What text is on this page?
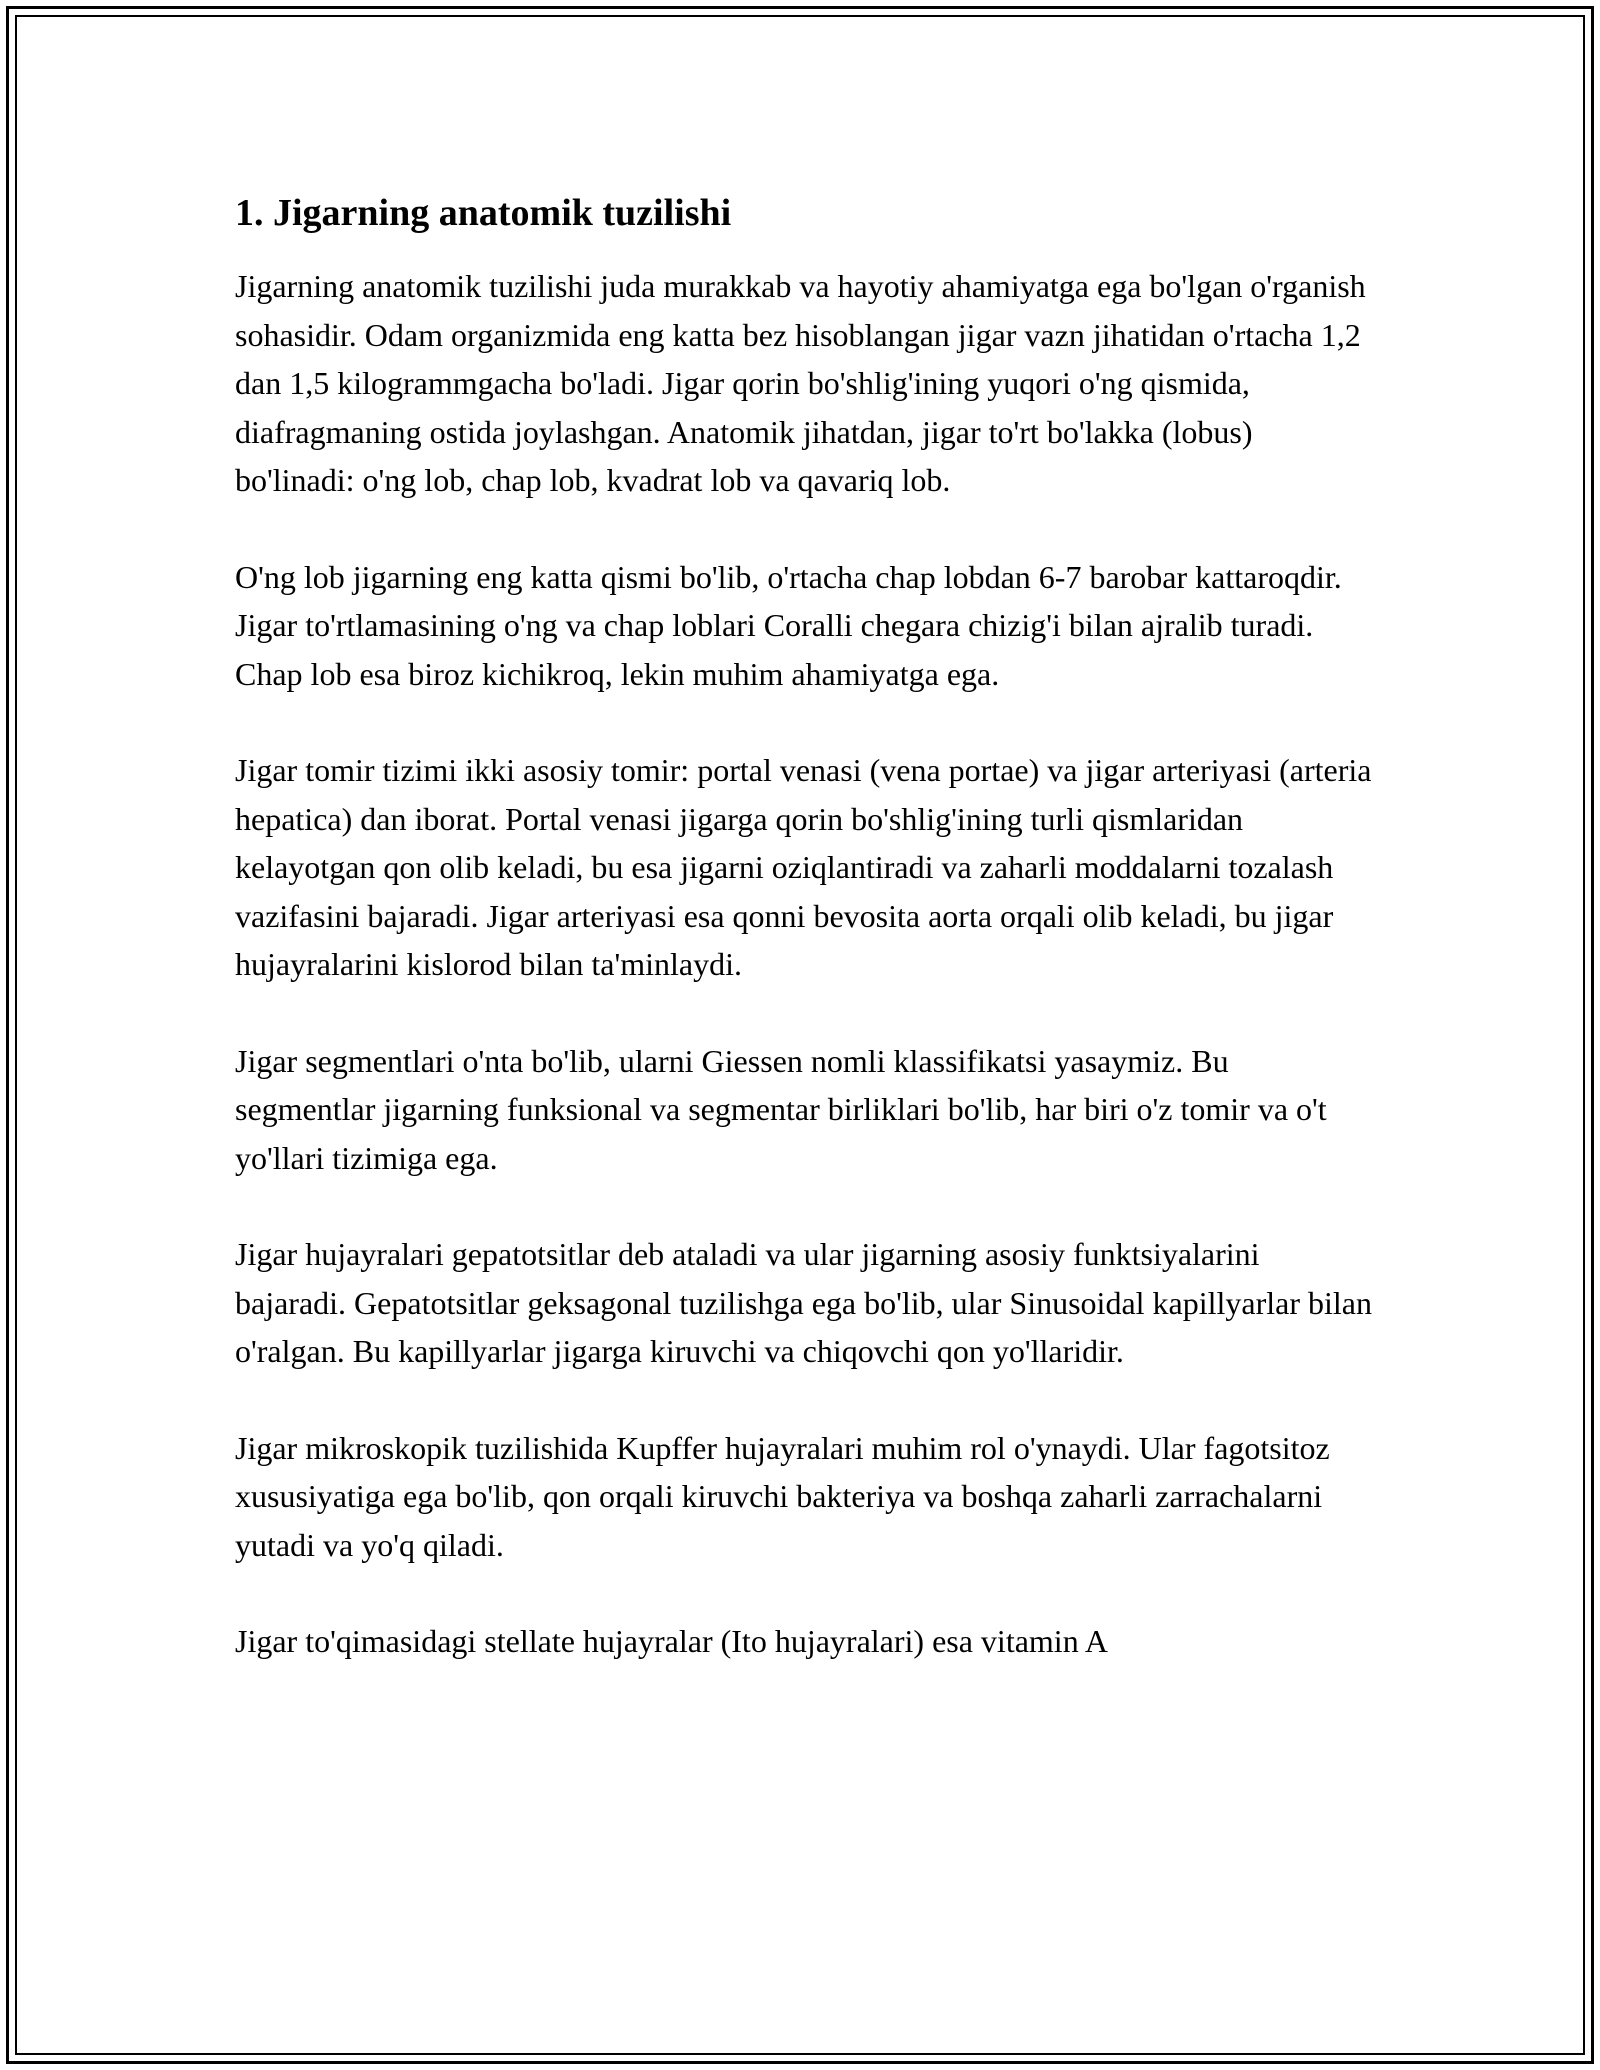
1. Jigarning anatomik tuzilishi

Jigarning anatomik tuzilishi juda murakkab va hayotiy ahamiyatga ega bo'lgan o'rganish sohasidir. Odam organizmida eng katta bez hisoblangan jigar vazn jihatidan o'rtacha 1,2 dan 1,5 kilogrammgacha bo'ladi. Jigar qorin bo'shlig'ining yuqori o'ng qismida, diafragmaning ostida joylashgan. Anatomik jihatdan, jigar to'rt bo'lakka (lobus) bo'linadi: o'ng lob, chap lob, kvadrat lob va qavariq lob.

O'ng lob jigarning eng katta qismi bo'lib, o'rtacha chap lobdan 6-7 barobar kattaroqdir. Jigar to'rtlamasining o'ng va chap loblari Coralli chegara chizig'i bilan ajralib turadi. Chap lob esa biroz kichikroq, lekin muhim ahamiyatga ega.

Jigar tomir tizimi ikki asosiy tomir: portal venasi (vena portae) va jigar arteriyasi (arteria hepatica) dan iborat. Portal venasi jigarga qorin bo'shlig'ining turli qismlaridan kelayotgan qon olib keladi, bu esa jigarni oziqlantiradi va zaharli moddalarni tozalash vazifasini bajaradi. Jigar arteriyasi esa qonni bevosita aorta orqali olib keladi, bu jigar hujayralarini kislorod bilan ta'minlaydi.

Jigar segmentlari o'nta bo'lib, ularni Giessen nomli klassifikatsi yasaymiz. Bu segmentlar jigarning funksional va segmentar birliklari bo'lib, har biri o'z tomir va o't yo'llari tizimiga ega.

Jigar hujayralari gepatotsitlar deb ataladi va ular jigarning asosiy funktsiyalarini bajaradi. Gepatotsitlar geksagonal tuzilishga ega bo'lib, ular Sinusoidal kapillyarlar bilan o'ralgan. Bu kapillyarlar jigarga kiruvchi va chiqovchi qon yo'llaridir.

Jigar mikroskopik tuzilishida Kupffer hujayralari muhim rol o'ynaydi. Ular fagotsitoz xususiyatiga ega bo'lib, qon orqali kiruvchi bakteriya va boshqa zaharli zarrachalarni yutadi va yo'q qiladi.

Jigar to'qimasidagi stellate hujayralar (Ito hujayralari) esa vitamin A
